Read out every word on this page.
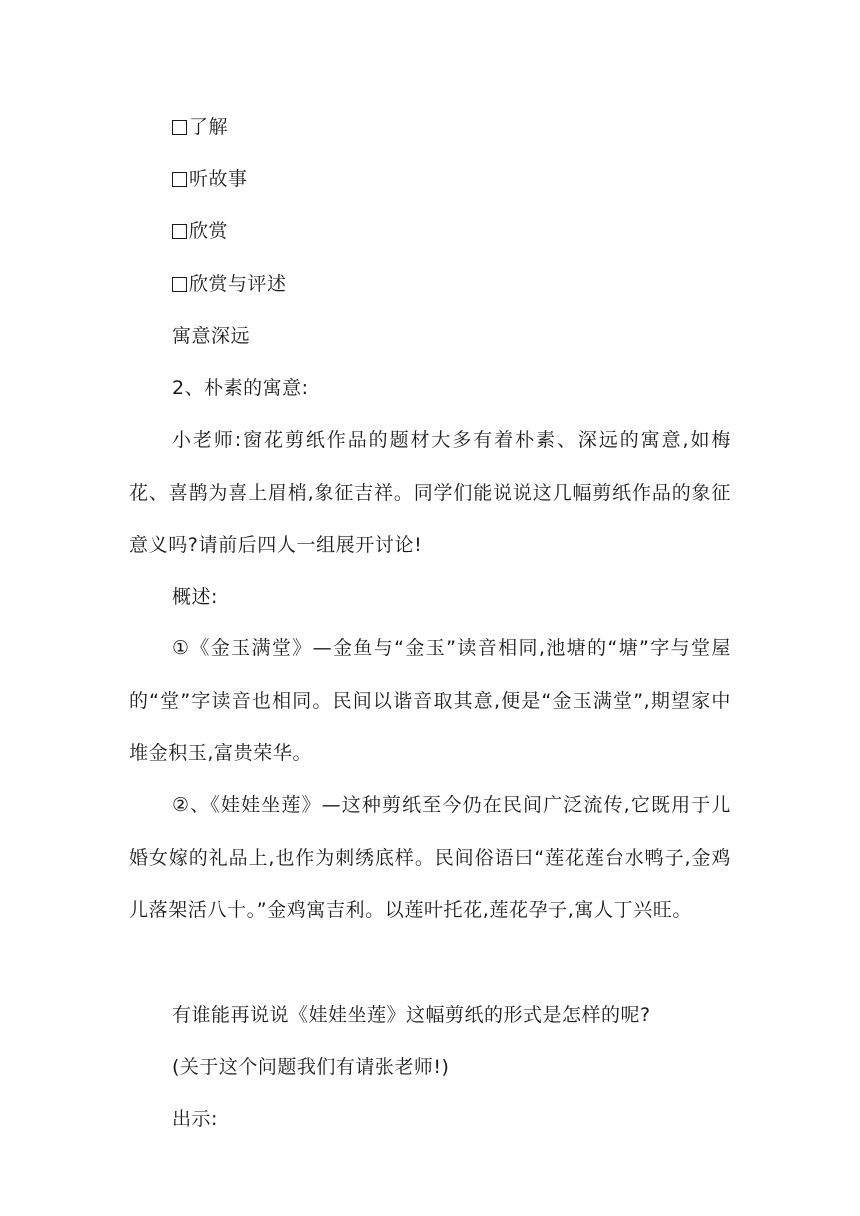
了解
听故事
欣赏
欣赏与评述
寓意深远
2、朴素的寓意:
小老师:窗花剪纸作品的题材大多有着朴素、深远的寓意,如梅花、喜鹊为喜上眉梢,象征吉祥。同学们能说说这几幅剪纸作品的象征意义吗?请前后四人一组展开讨论!
概述:
①《金玉满堂》—金鱼与“金玉”读音相同,池塘的“塘”字与堂屋的“堂”字读音也相同。民间以谐音取其意,便是“金玉满堂”,期望家中堆金积玉,富贵荣华。
②、《娃娃坐莲》—这种剪纸至今仍在民间广泛流传,它既用于儿婚女嫁的礼品上,也作为刺绣底样。民间俗语曰“莲花莲台水鸭子,金鸡儿落架活八十。”金鸡寓吉利。以莲叶托花,莲花孕子,寓人丁兴旺。
有谁能再说说《娃娃坐莲》这幅剪纸的形式是怎样的呢?
(关于这个问题我们有请张老师!)
出示:
